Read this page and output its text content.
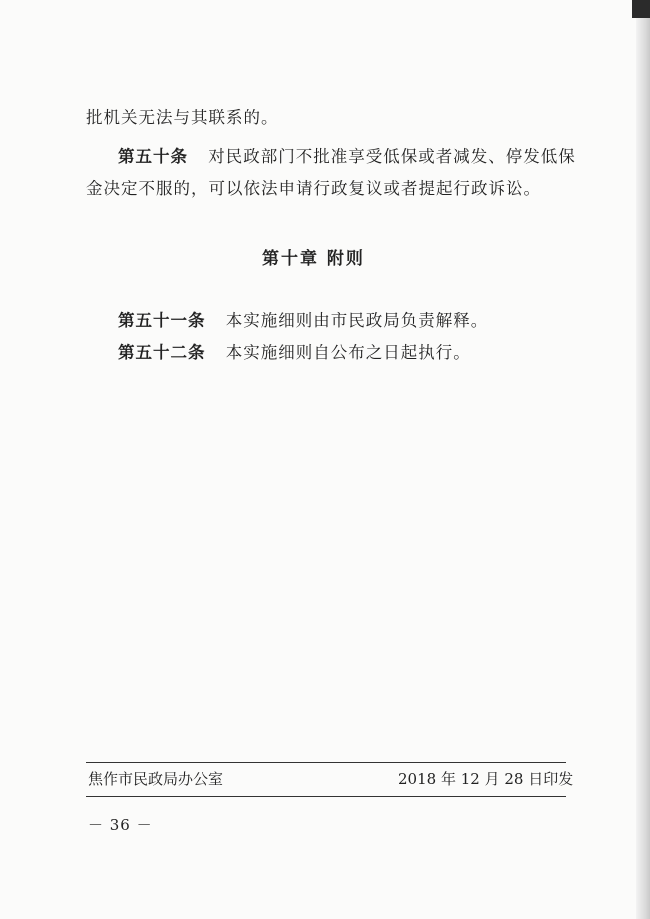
批机关无法与其联系的。
第五十条 对民政部门不批准享受低保或者减发、停发低保
金决定不服的，可以依法申请行政复议或者提起行政诉讼。
第十章 附则
第五十一条 本实施细则由市民政局负责解释。
第五十二条 本实施细则自公布之日起执行。
焦作市民政局办公室	2018 年 12 月 28 日印发
－ 36 －
